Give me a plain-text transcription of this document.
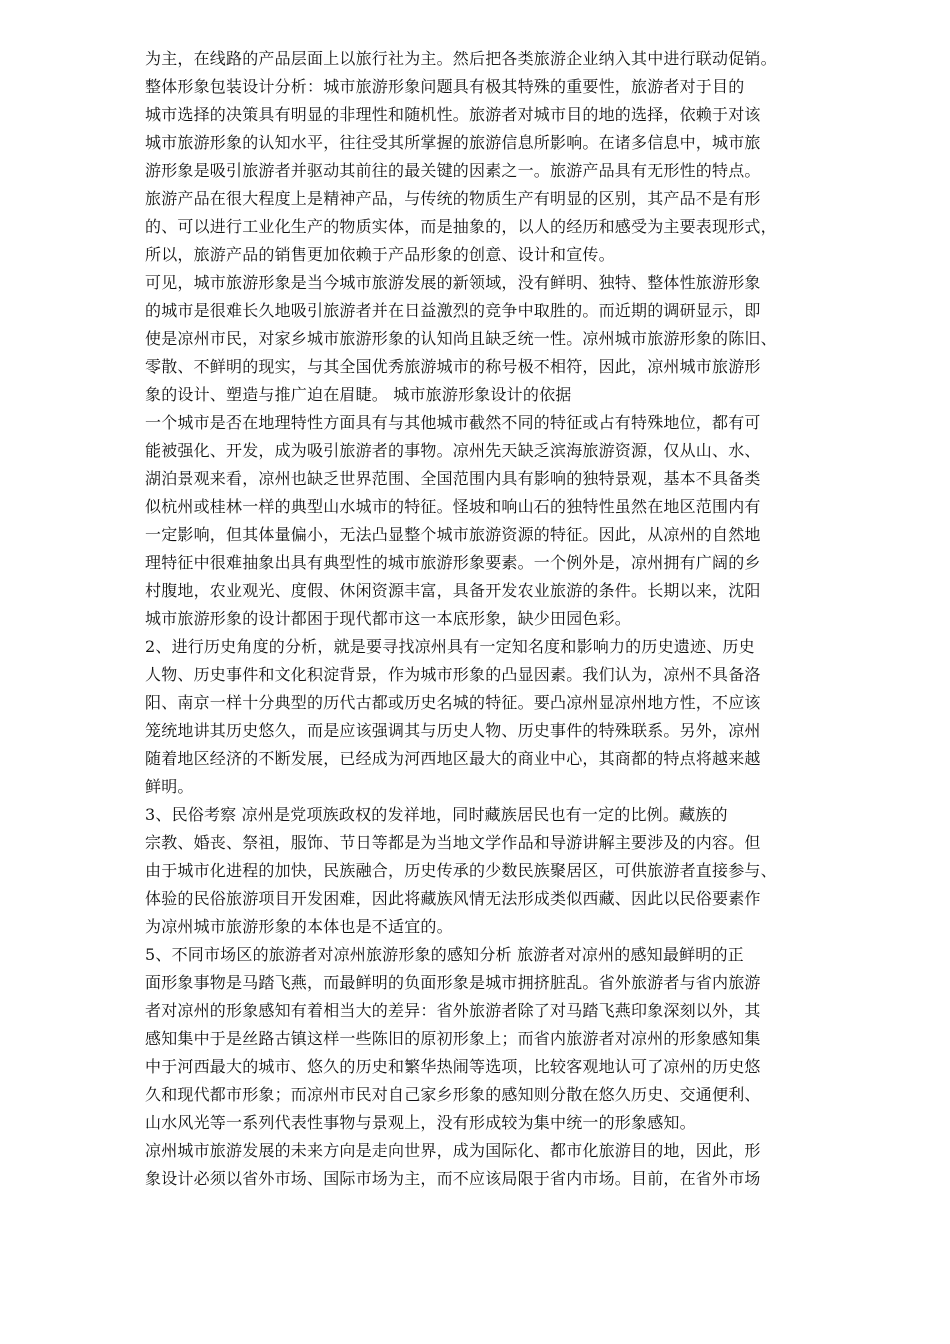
为主，在线路的产品层面上以旅行社为主。然后把各类旅游企业纳入其中进行联动促销。
整体形象包装设计分析：城市旅游形象问题具有极其特殊的重要性，旅游者对于目的
城市选择的决策具有明显的非理性和随机性。旅游者对城市目的地的选择，依赖于对该
城市旅游形象的认知水平，往往受其所掌握的旅游信息所影响。在诸多信息中，城市旅
游形象是吸引旅游者并驱动其前往的最关键的因素之一。旅游产品具有无形性的特点。
旅游产品在很大程度上是精神产品，与传统的物质生产有明显的区别，其产品不是有形
的、可以进行工业化生产的物质实体，而是抽象的，以人的经历和感受为主要表现形式，
所以，旅游产品的销售更加依赖于产品形象的创意、设计和宣传。
可见，城市旅游形象是当今城市旅游发展的新领域，没有鲜明、独特、整体性旅游形象
的城市是很难长久地吸引旅游者并在日益激烈的竞争中取胜的。而近期的调研显示，即
使是凉州市民，对家乡城市旅游形象的认知尚且缺乏统一性。凉州城市旅游形象的陈旧、
零散、不鲜明的现实，与其全国优秀旅游城市的称号极不相符，因此，凉州城市旅游形
象的设计、塑造与推广迫在眉睫。 城市旅游形象设计的依据
一个城市是否在地理特性方面具有与其他城市截然不同的特征或占有特殊地位，都有可
能被强化、开发，成为吸引旅游者的事物。凉州先天缺乏滨海旅游资源，仅从山、水、
湖泊景观来看，凉州也缺乏世界范围、全国范围内具有影响的独特景观，基本不具备类
似杭州或桂林一样的典型山水城市的特征。怪坡和响山石的独特性虽然在地区范围内有
一定影响，但其体量偏小，无法凸显整个城市旅游资源的特征。因此，从凉州的自然地
理特征中很难抽象出具有典型性的城市旅游形象要素。一个例外是，凉州拥有广阔的乡
村腹地，农业观光、度假、休闲资源丰富，具备开发农业旅游的条件。长期以来，沈阳
城市旅游形象的设计都困于现代都市这一本底形象，缺少田园色彩。
2、进行历史角度的分析，就是要寻找凉州具有一定知名度和影响力的历史遗迹、历史
人物、历史事件和文化积淀背景，作为城市形象的凸显因素。我们认为，凉州不具备洛
阳、南京一样十分典型的历代古都或历史名城的特征。要凸凉州显凉州地方性，不应该
笼统地讲其历史悠久，而是应该强调其与历史人物、历史事件的特殊联系。另外，凉州
随着地区经济的不断发展，已经成为河西地区最大的商业中心，其商都的特点将越来越
鲜明。
3、民俗考察 凉州是党项族政权的发祥地，同时藏族居民也有一定的比例。藏族的
宗教、婚丧、祭祖，服饰、节日等都是为当地文学作品和导游讲解主要涉及的内容。但
由于城市化进程的加快，民族融合，历史传承的少数民族聚居区，可供旅游者直接参与、
体验的民俗旅游项目开发困难，因此将藏族风情无法形成类似西藏、因此以民俗要素作
为凉州城市旅游形象的本体也是不适宜的。
5、不同市场区的旅游者对凉州旅游形象的感知分析 旅游者对凉州的感知最鲜明的正
面形象事物是马踏飞燕，而最鲜明的负面形象是城市拥挤脏乱。省外旅游者与省内旅游
者对凉州的形象感知有着相当大的差异：省外旅游者除了对马踏飞燕印象深刻以外，其
感知集中于是丝路古镇这样一些陈旧的原初形象上；而省内旅游者对凉州的形象感知集
中于河西最大的城市、悠久的历史和繁华热闹等选项，比较客观地认可了凉州的历史悠
久和现代都市形象；而凉州市民对自己家乡形象的感知则分散在悠久历史、交通便利、
山水风光等一系列代表性事物与景观上，没有形成较为集中统一的形象感知。
凉州城市旅游发展的未来方向是走向世界，成为国际化、都市化旅游目的地，因此，形
象设计必须以省外市场、国际市场为主，而不应该局限于省内市场。目前，在省外市场
